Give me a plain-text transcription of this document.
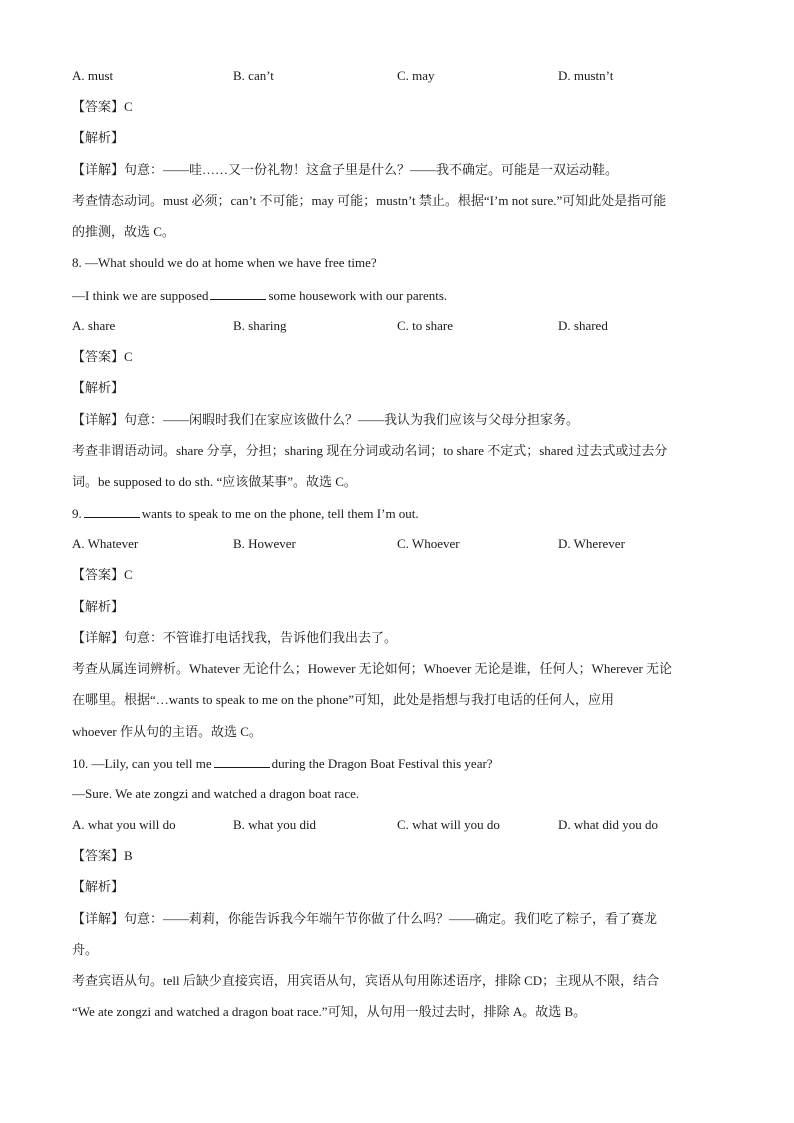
A. must	B. can’t	C. may	D. mustn’t
【答案】C
【解析】
【详解】句意：——哇……又一份礼物！这盒子里是什么？——我不确定。可能是一双运动鞋。
考查情态动词。must 必须；can’t 不可能；may 可能；mustn’t 禁止。根据“I’m not sure.”可知此处是指可能
的推测，故选 C。
8. —What should we do at home when we have free time?
—I think we are supposed	some housework with our parents.
A. share	B. sharing	C. to share	D. shared
【答案】C
【解析】
【详解】句意：——闲暇时我们在家应该做什么？——我认为我们应该与父母分担家务。
考查非谓语动词。share 分享，分担；sharing 现在分词或动名词；to share 不定式；shared 过去式或过去分
词。be supposed to do sth. “应该做某事”。故选 C。
9.	wants to speak to me on the phone, tell them I’m out.
A. Whatever	B. However	C. Whoever	D. Wherever
【答案】C
【解析】
【详解】句意：不管谁打电话找我，告诉他们我出去了。
考查从属连词辨析。Whatever 无论什么；However 无论如何；Whoever 无论是谁，任何人；Wherever 无论
在哪里。根据“…wants to speak to me on the phone”可知，此处是指想与我打电话的任何人，应用
whoever 作从句的主语。故选 C。
10. —Lily, can you tell me	during the Dragon Boat Festival this year?
—Sure. We ate zongzi and watched a dragon boat race.
A. what you will do	B. what you did	C. what will you do	D. what did you do
【答案】B
【解析】
【详解】句意：——莉莉，你能告诉我今年端午节你做了什么吗？——确定。我们吃了粽子，看了赛龙
舟。
考查宾语从句。tell 后缺少直接宾语，用宾语从句，宾语从句用陈述语序，排除 CD；主现从不限，结合
“We ate zongzi and watched a dragon boat race.”可知，从句用一般过去时，排除 A。故选 B。
